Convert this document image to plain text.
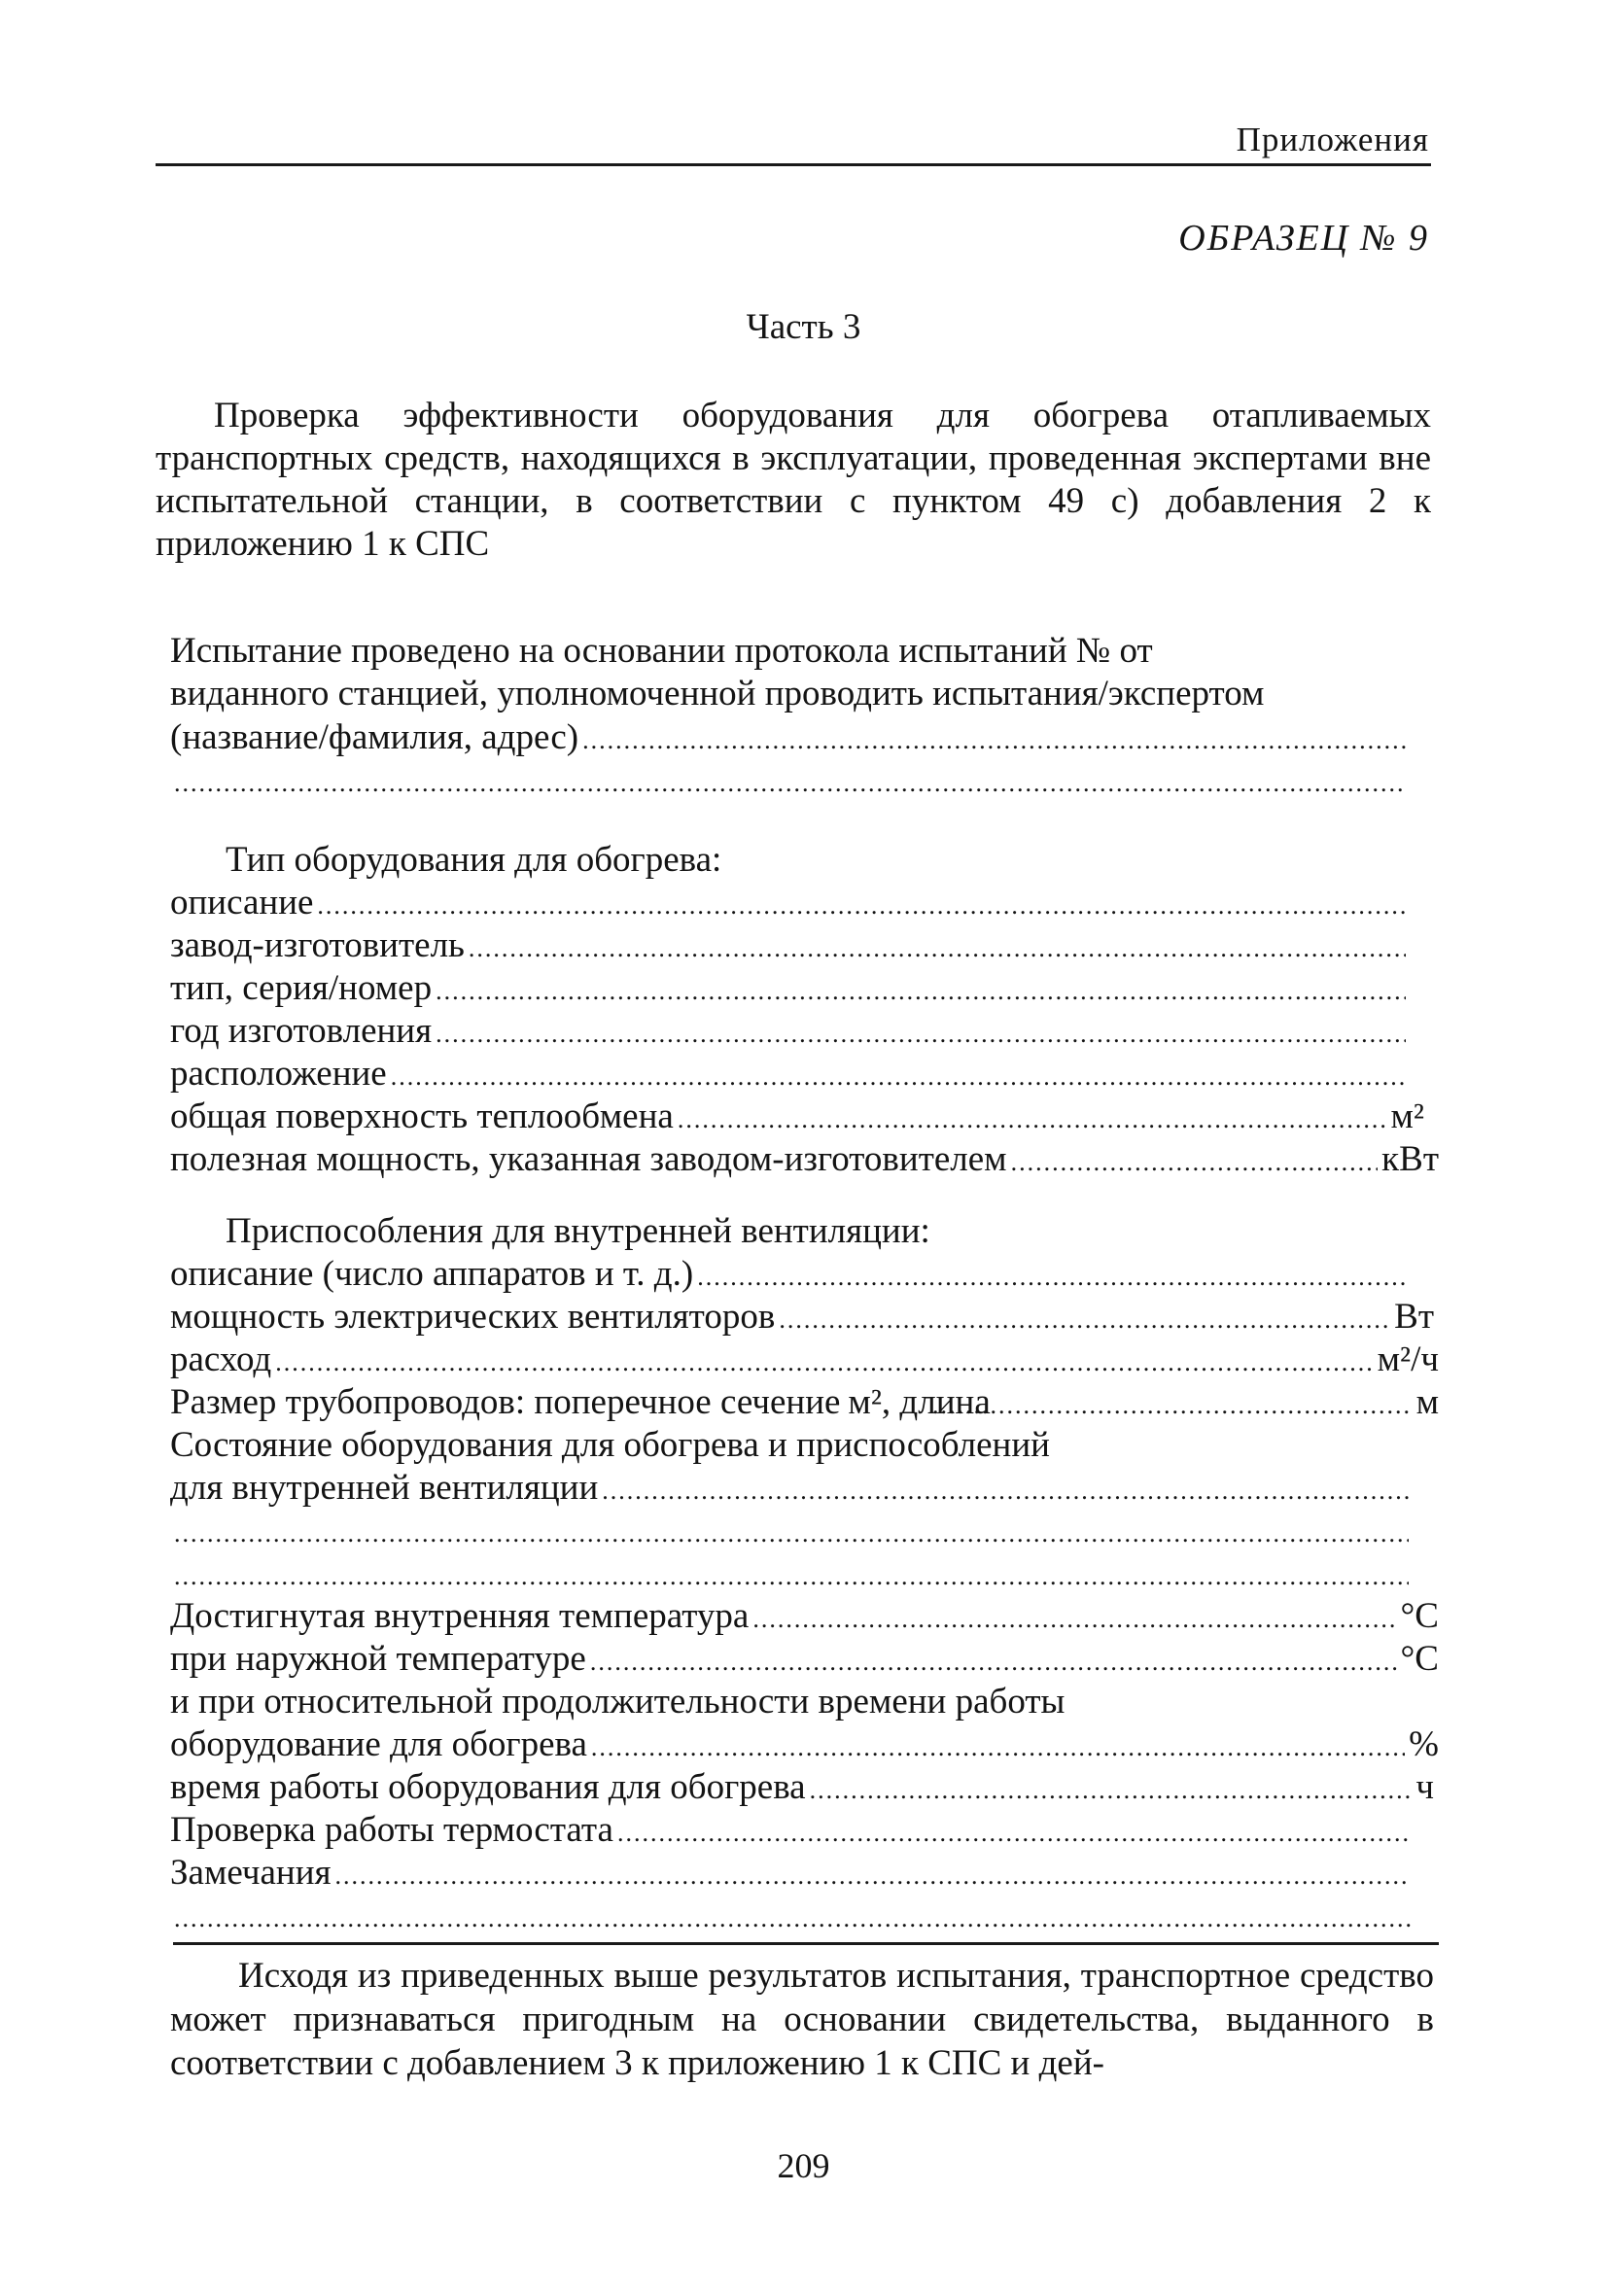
Приложения
ОБРАЗЕЦ № 9
Часть 3
Проверка эффективности оборудования для обогрева отапливаемых транспортных средств, находящихся в эксплуатации, проведенная экспертами вне испытательной станции, в соответствии с пунктом 49 с) добавления 2 к приложению 1 к СПС
Испытание проведено на основании протокола испытаний № от
виданного станцией, уполномоченной проводить испытания/экспертом
(название/фамилия, адрес)
.....
.....
Тип оборудования для обогрева:
описание
.....
завод-изготовитель
.....
тип, серия/номер
.....
год изготовления
.....
расположение
.....
общая поверхность теплообмена .....	м²
полезная мощность, указанная заводом-изготовителем .....	кВт
Приспособления для внутренней вентиляции:
описание (число аппаратов и т. д.)
.....
мощность электрических вентиляторов .....	Вт
расход .....	м²/ч
Размер трубопроводов: поперечное сечение м², длина .....	м
Состояние оборудования для обогрева и приспособлений
для внутренней вентиляции
.....
.....
.....
Достигнутая внутренняя температура .....	°С
при наружной температуре .....	°С
и при относительной продолжительности времени работы
оборудование для обогрева .....	%
время работы оборудования для обогрева .....	ч
Проверка работы термостата
.....
Замечания
.....
.....
Исходя из приведенных выше результатов испытания, транспортное средство может признаваться пригодным на основании свидетельства, выданного в соответствии с добавлением 3 к приложению 1 к СПС и дей-
209
